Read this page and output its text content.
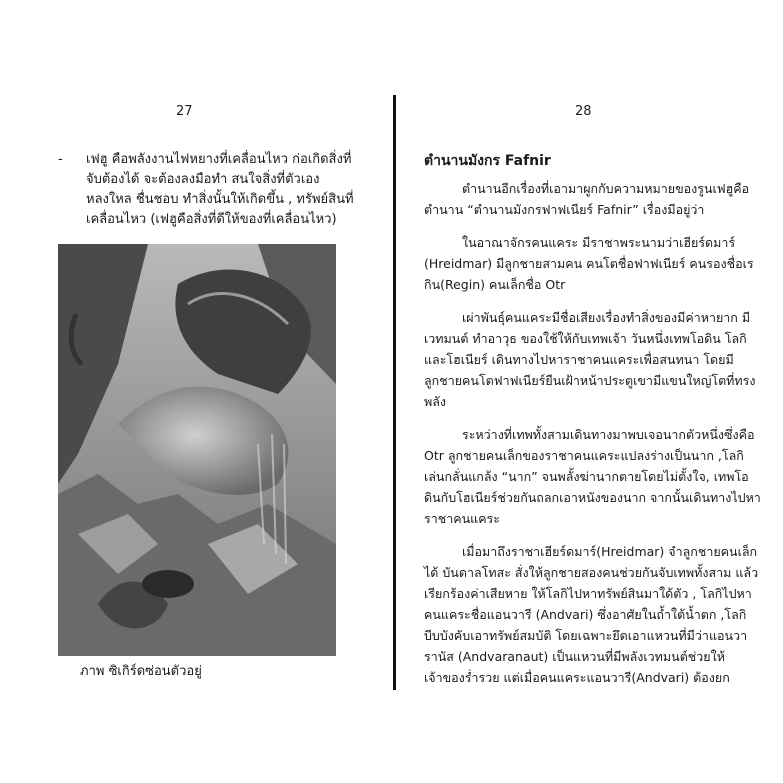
27
- เฟฮู คือพลังงานไฟหยางที่เคลื่อนไหว ก่อเกิดสิ่งที่จับต้องได้ จะต้องลงมือทำ สนใจสิ่งที่ตัวเองหลงใหล ชื่นชอบ ทำสิ่งนั้นให้เกิดขึ้น , ทรัพย์สินที่เคลื่อนไหว (เฟฮูคือสิ่งที่ดีให้ของที่เคลื่อนไหว)
ภาพ ซิเกิร์ดซ่อนตัวอยู่
28
ตำนานมังกร Fafnir

ตำนานอีกเรื่องที่เอามาผูกกับความหมายของรูนเฟฮูคือตำนาน “ตำนานมังกรฟาฟเนียร์ Fafnir” เรื่องมีอยู่ว่า

ในอาณาจักรคนแคระ มีราชาพระนามว่าเฮียร์ดมาร์ (Hreidmar) มีลูกชายสามคน คนโตชื่อฟาฟเนียร์ คนรองชื่อเรกิน(Regin) คนเล็กชื่อ Otr

เผ่าพันธุ์คนแคระมีชื่อเสียงเรื่องทำสิ่งของมีค่าหายาก มีเวทมนต์ ทำอาวุธ ของใช้ให้กับเทพเจ้า วันหนึ่งเทพโอดิน โลกิและโฮเนียร์ เดินทางไปหาราชาคนแคระเพื่อสนทนา โดยมีลูกชายคนโตฟาฟเนียร์ยืนเฝ้าหน้าประตูเขามีแขนใหญ่โตที่ทรงพลัง

ระหว่างที่เทพทั้งสามเดินทางมาพบเจอนากตัวหนึ่งซึ่งคือ Otr ลูกชายคนเล็กของราชาคนแคระแปลงร่างเป็นนาก ,โลกิเล่นกลั่นแกล้ง “นาก” จนพลั้งฆ่านากตายโดยไม่ตั้งใจ, เทพโอดินกับโฮเนียร์ช่วยกันถลกเอาหนังของนาก จากนั้นเดินทางไปหาราชาคนแคระ

เมื่อมาถึงราชาเฮียร์ดมาร์(Hreidmar) จำลูกชายคนเล็กได้ บันดาลโทสะ สั่งให้ลูกชายสองคนช่วยกันจับเทพทั้งสาม แล้วเรียกร้องค่าเสียหาย ให้โลกิไปหาทรัพย์สินมาใด้ตัว , โลกิไปหาคนแคระชื่อแอนวารี (Andvari) ซึ่งอาศัยในถ้ำใต้น้ำตก ,โลกิบีบบังคับเอาทรัพย์สมบัติ โดยเฉพาะยึดเอาแหวนที่มีว่าแอนวารานัส (Andvaranaut) เป็นแหวนที่มีพลังเวทมนต์ช่วยให้เจ้าของร่ำรวย แต่เมื่อคนแคระแอนวารี(Andvari) ต้องยก
